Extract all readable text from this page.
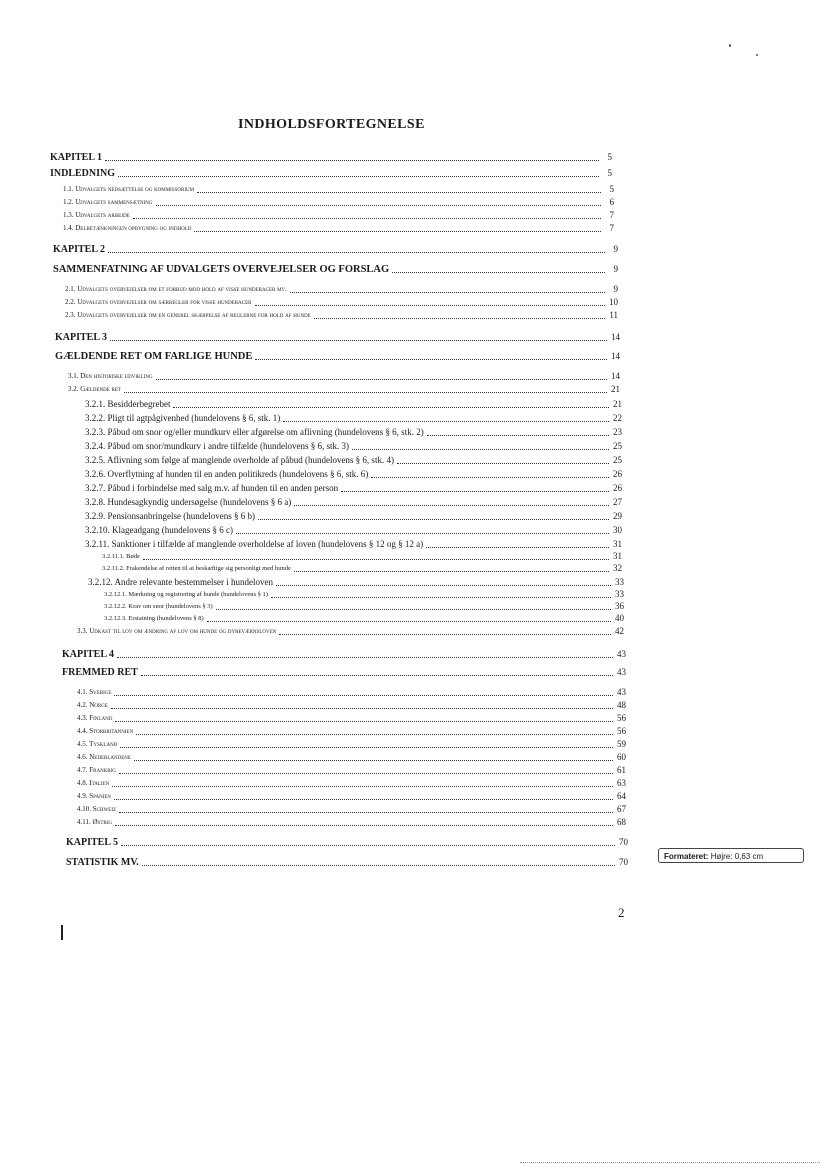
INDHOLDSFORTEGNELSE
KAPITEL 1	5
INDLEDNING	5
1.1. Udvalgets nedsættelse og kommissorium	5
1.2. Udvalgets sammensætning	6
1.3. Udvalgets arbejde	7
1.4. Delbetænkningen opbygning og indhold	7
KAPITEL 2	9
SAMMENFATNING AF UDVALGETS OVERVEJELSER OG FORSLAG	9
2.1. Udvalgets overvejelser om et forbud mod hold af visse hunderacer mv.	9
2.2. Udvalgets overvejelser om særregler for visse hunderacer	10
2.3. Udvalgets overvejelser om en generel skærpelse af reglerne for hold af hunde	11
KAPITEL 3	14
GÆLDENDE RET OM FARLIGE HUNDE	14
3.1. Den historiske udvikling	14
3.2. Gældende ret	21
3.2.1. Besidderbegrebet	21
3.2.2. Pligt til agtpågivenhed (hundelovens § 6, stk. 1)	22
3.2.3. Påbud om snor og/eller mundkurv eller afgørelse om aflivning (hundelovens § 6, stk. 2)	23
3.2.4. Påbud om snor/mundkurv i andre tilfælde (hundelovens § 6, stk. 3)	25
3.2.5. Aflivning som følge af manglende overholde af påbud (hundelovens § 6, stk. 4)	25
3.2.6. Overflytning af hunden til en anden politikreds (hundelovens § 6, stk. 6)	26
3.2.7. Påbud i forbindelse med salg m.v. af hunden til en anden person	26
3.2.8. Hundesagkyndig undersøgelse (hundelovens § 6 a)	27
3.2.9. Pensionsanbringelse (hundelovens § 6 b)	29
3.2.10. Klageadgang (hundelovens § 6 c)	30
3.2.11. Sanktioner i tilfælde af manglende overholdelse af loven (hundelovens § 12 og § 12 a)	31
3.2.11.1. Bøde	31
3.2.11.2. Frakendelse af retten til at beskæftige sig personligt med hunde	32
3.2.12. Andre relevante bestemmelser i hundeloven	33
3.2.12.1. Mærkning og registrering af hunde (hundelovens § 1)	33
3.2.12.2. Krav om snor (hundelovens § 3)	36
3.2.12.3. Erstatning (hundelovens § 8)	40
3.3. Udkast til lov om ændring af lov om hunde og dyreværnsloven	42
KAPITEL 4	43
FREMMED RET	43
4.1. Sverige	43
4.2. Norge	48
4.3. Finland	56
4.4. Storbritannien	56
4.5. Tyskland	59
4.6. Nederlandene	60
4.7. Frankrig	61
4.8. Italien	63
4.9. Spanien	64
4.10. Schweiz	67
4.11. Østrig	68
KAPITEL 5	70
STATISTIK MV.	70
Formateret: Højre: 0,63 cm
2
